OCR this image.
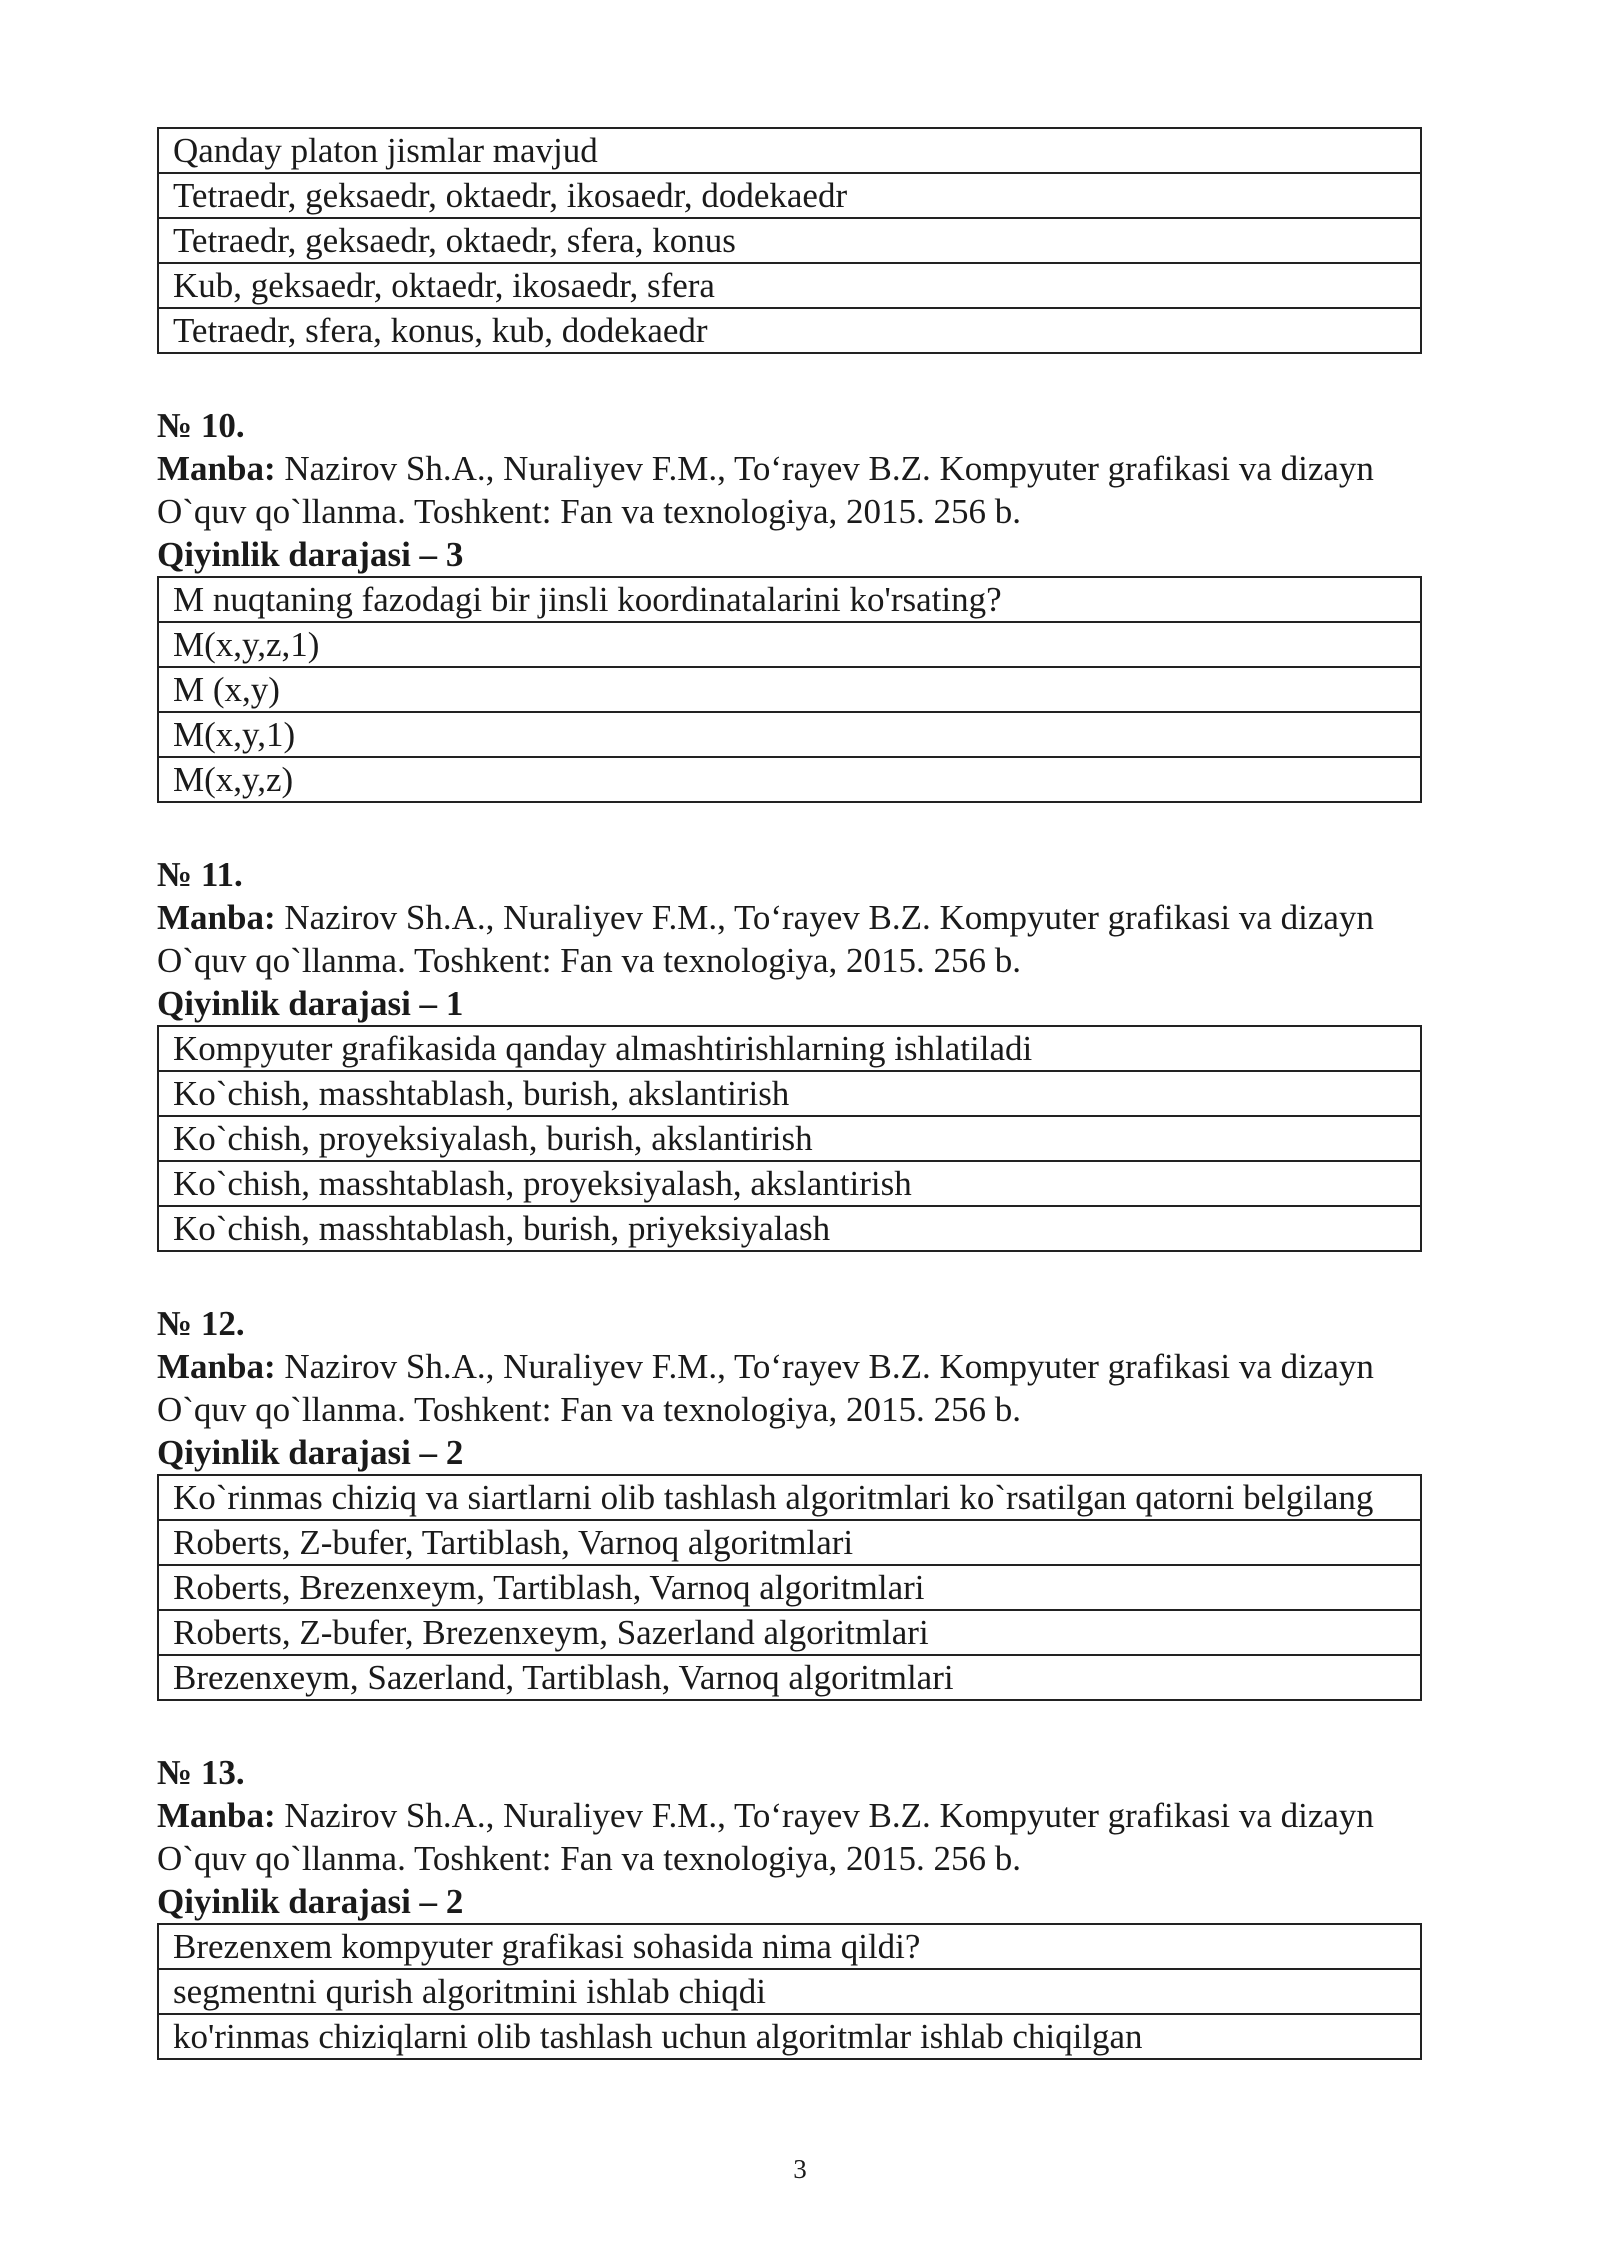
Qanday platon jismlar mavjud
Tetraedr, geksaedr, oktaedr, ikosaedr, dodekaedr
Tetraedr, geksaedr, oktaedr, sfera, konus
Kub, geksaedr, oktaedr, ikosaedr, sfera
Tetraedr, sfera, konus, kub, dodekaedr
№ 10.
Manba: Nazirov Sh.A., Nuraliyev F.M., To‘rayev B.Z. Kompyuter grafikasi va dizayn
O`quv qo`llanma. Toshkent: Fan va texnologiya, 2015. 256 b.
Qiyinlik darajasi – 3
M nuqtaning fazodagi bir jinsli koordinatalarini ko'rsating?
M(x,y,z,1)
M (x,y)
M(x,y,1)
M(x,y,z)
№ 11.
Manba: Nazirov Sh.A., Nuraliyev F.M., To‘rayev B.Z. Kompyuter grafikasi va dizayn
O`quv qo`llanma. Toshkent: Fan va texnologiya, 2015. 256 b.
Qiyinlik darajasi – 1
Kompyuter grafikasida qanday almashtirishlarning ishlatiladi
Ko`chish, masshtablash, burish, akslantirish
Ko`chish, proyeksiyalash, burish, akslantirish
Ko`chish, masshtablash, proyeksiyalash, akslantirish
Ko`chish, masshtablash, burish, priyeksiyalash
№ 12.
Manba: Nazirov Sh.A., Nuraliyev F.M., To‘rayev B.Z. Kompyuter grafikasi va dizayn
O`quv qo`llanma. Toshkent: Fan va texnologiya, 2015. 256 b.
Qiyinlik darajasi – 2
Ko`rinmas chiziq va siartlarni olib tashlash algoritmlari ko`rsatilgan qatorni belgilang
Roberts, Z-bufer, Tartiblash, Varnoq algoritmlari
Roberts, Brezenxeym, Tartiblash, Varnoq algoritmlari
Roberts, Z-bufer, Brezenxeym, Sazerland algoritmlari
Brezenxeym, Sazerland, Tartiblash, Varnoq algoritmlari
№ 13.
Manba: Nazirov Sh.A., Nuraliyev F.M., To‘rayev B.Z. Kompyuter grafikasi va dizayn
O`quv qo`llanma. Toshkent: Fan va texnologiya, 2015. 256 b.
Qiyinlik darajasi – 2
Brezenxem kompyuter grafikasi sohasida nima qildi?
segmentni qurish algoritmini ishlab chiqdi
ko'rinmas chiziqlarni olib tashlash uchun algoritmlar ishlab chiqilgan
3
